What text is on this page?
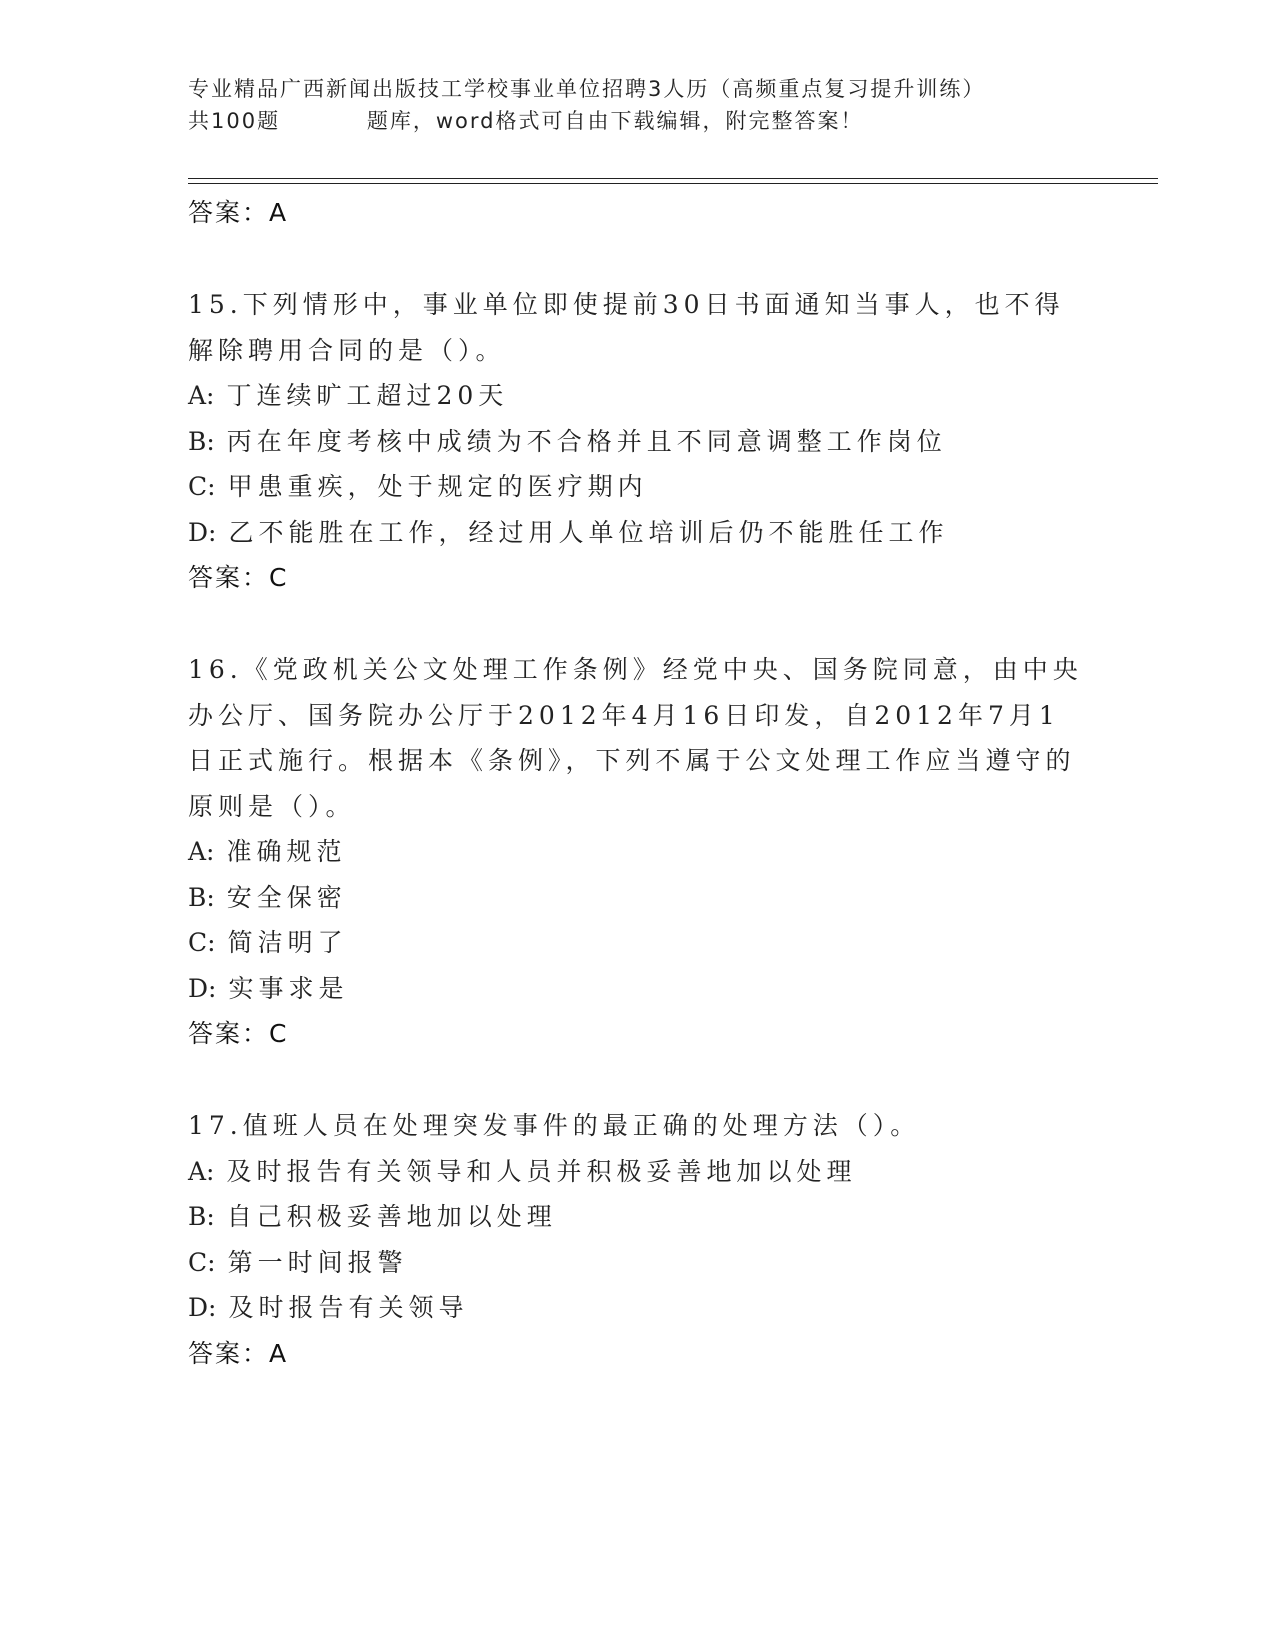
专业精品广西新闻出版技工学校事业单位招聘3人历（高频重点复习提升训练）
共100题	题库，word格式可自由下载编辑，附完整答案！
答案：A
15.下列情形中，事业单位即使提前30日书面通知当事人，也不得解除聘用合同的是（）。
A: 丁连续旷工超过20天
B: 丙在年度考核中成绩为不合格并且不同意调整工作岗位
C: 甲患重疾，处于规定的医疗期内
D: 乙不能胜在工作，经过用人单位培训后仍不能胜任工作
答案：C
16.《党政机关公文处理工作条例》经党中央、国务院同意，由中央办公厅、国务院办公厅于2012年4月16日印发，自2012年7月1日正式施行。根据本《条例》，下列不属于公文处理工作应当遵守的原则是（）。
A: 准确规范
B: 安全保密
C: 简洁明了
D: 实事求是
答案：C
17.值班人员在处理突发事件的最正确的处理方法（）。
A: 及时报告有关领导和人员并积极妥善地加以处理
B: 自己积极妥善地加以处理
C: 第一时间报警
D: 及时报告有关领导
答案：A
